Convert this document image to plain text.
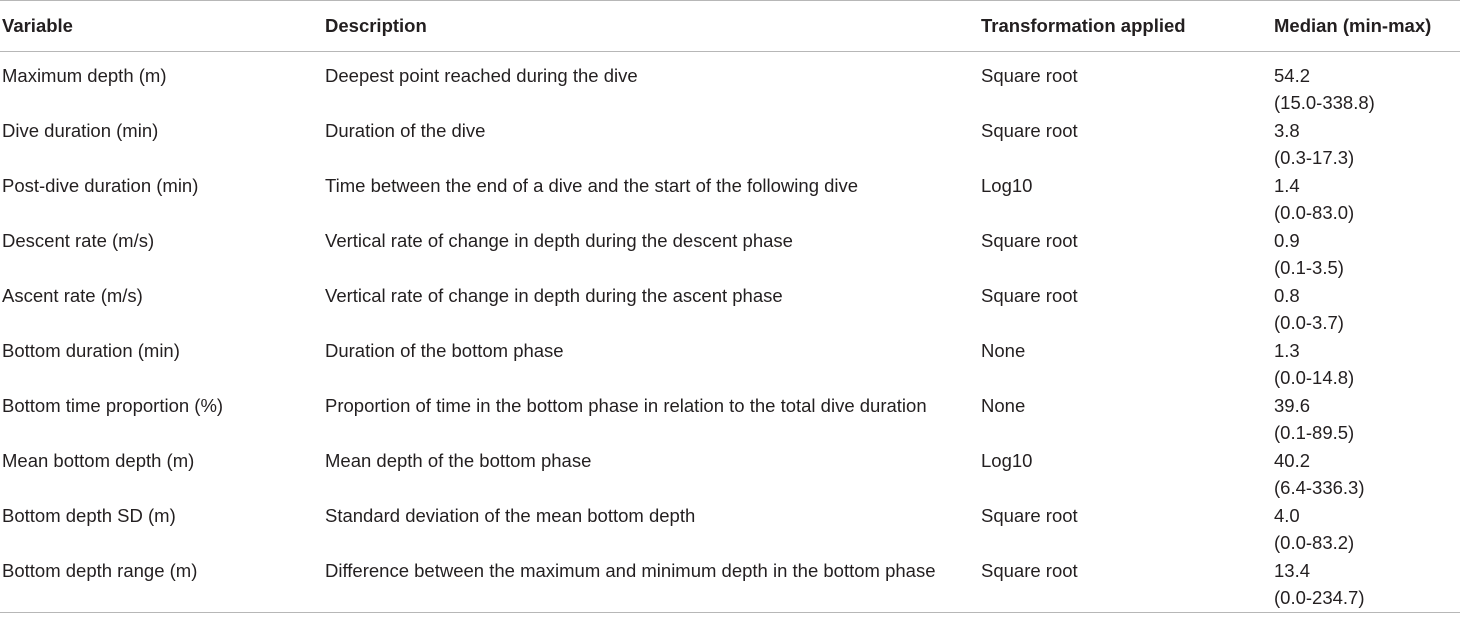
Variable	Description	Transformation applied	Median (min-max)
Maximum depth (m)	Deepest point reached during the dive	Square root	54.2
(15.0-338.8)

Dive duration (min)	Duration of the dive	Square root	3.8
(0.3-17.3)

Post-dive duration (min)	Time between the end of a dive and the start of the following dive	Log10	1.4
(0.0-83.0)

Descent rate (m/s)	Vertical rate of change in depth during the descent phase	Square root	0.9
(0.1-3.5)

Ascent rate (m/s)	Vertical rate of change in depth during the ascent phase	Square root	0.8
(0.0-3.7)

Bottom duration (min)	Duration of the bottom phase	None	1.3
(0.0-14.8)

Bottom time proportion (%)	Proportion of time in the bottom phase in relation to the total dive duration	None	39.6
(0.1-89.5)

Mean bottom depth (m)	Mean depth of the bottom phase	Log10	40.2
(6.4-336.3)

Bottom depth SD (m)	Standard deviation of the mean bottom depth	Square root	4.0
(0.0-83.2)

Bottom depth range (m)	Difference between the maximum and minimum depth in the bottom phase	Square root	13.4
(0.0-234.7)
